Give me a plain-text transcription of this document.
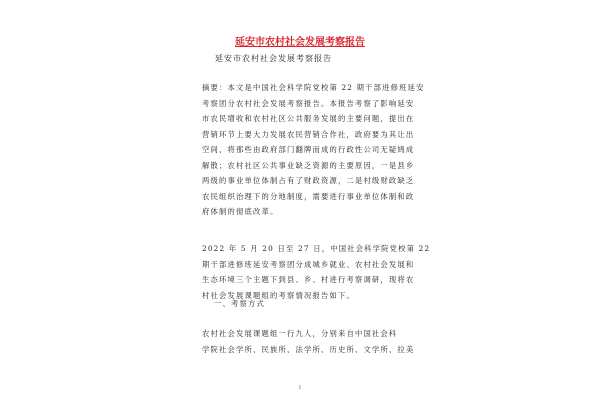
延安市农村社会发展考察报告
延安市农村社会发展考察报告
摘要：本文是中国社会科学院党校第 22 期干部进修班延安
考察团分农村社会发展考察报告。本报告考察了影响延安
市农民增收和农村社区公共服务发展的主要问题，提出在
营销环节上要大力发展农民营销合作社，政府要为其让出
空间，将那些由政府部门翻牌而成的行政性公司无疑鸠成
解散；农村社区公共事业缺乏资源的主要原因，一是县乡
两级的事业单位体制占有了财政资源，二是村级财政缺乏
农民组织治理下的分地制度，需要进行事业单位体制和政
府体制的彻底改革。
2022 年 5 月 20 日至 27 日，中国社会科学院党校第 22
期干部进修班延安考察团分成城乡就业、农村社会发展和
生态环境三个主题下到县、乡、村进行考察调研，现将农
村社会发展课题组的考察情况报告如下。
一、考察方式
农村社会发展课题组一行九人，分别来自中国社会科
学院社会学所、民族所、法学所、历史所、文学所、拉美
1
